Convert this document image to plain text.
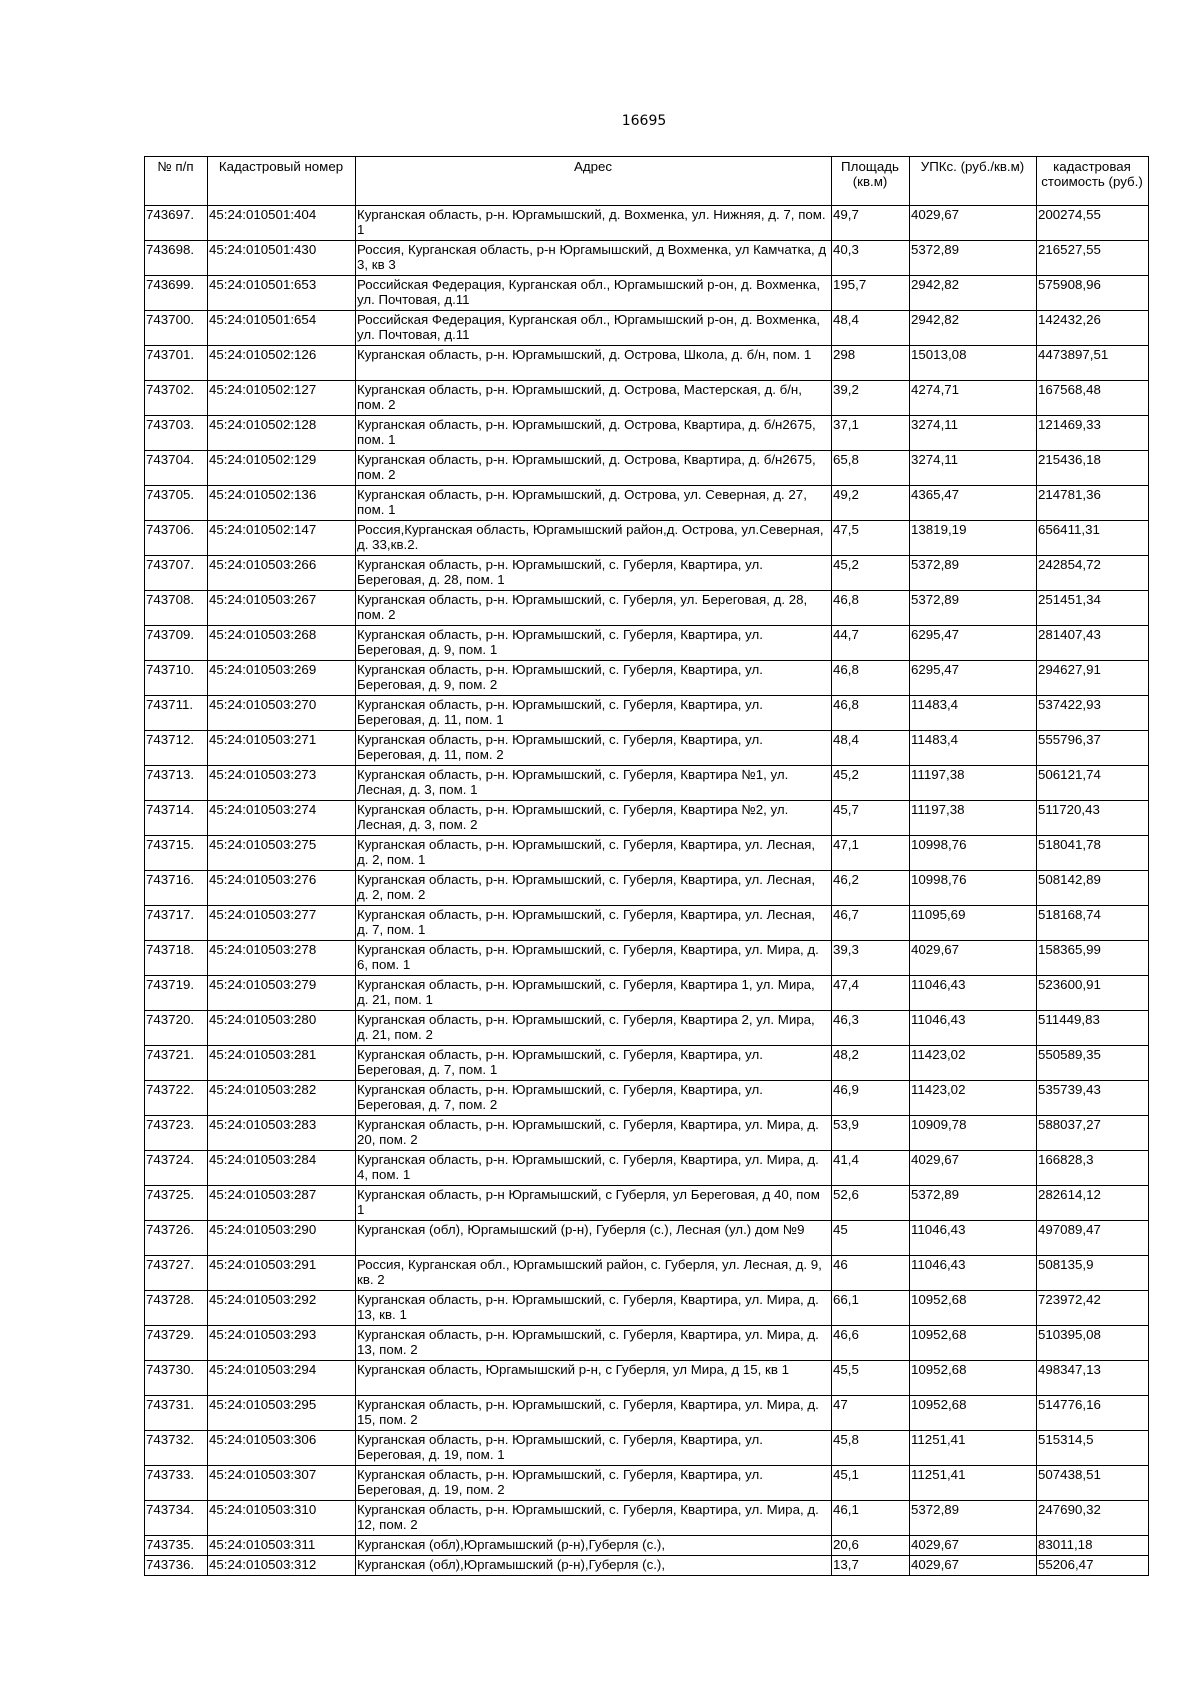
16695
№ п/п	Кадастровый номер	Адрес	Площадь (кв.м)	УПКс. (руб./кв.м)	кадастровая стоимость (руб.)
743697.	45:24:010501:404	Курганская область, р-н. Юргамышский, д. Вохменка, ул. Нижняя, д. 7, пом. 1	49,7	4029,67	200274,55
743698.	45:24:010501:430	Россия, Курганская область, р-н Юргамышский, д Вохменка, ул Камчатка, д 3, кв 3	40,3	5372,89	216527,55
743699.	45:24:010501:653	Российская Федерация, Курганская обл., Юргамышский р-он, д. Вохменка, ул. Почтовая, д.11	195,7	2942,82	575908,96
743700.	45:24:010501:654	Российская Федерация, Курганская обл., Юргамышский р-он, д. Вохменка, ул. Почтовая, д.11	48,4	2942,82	142432,26
743701.	45:24:010502:126	Курганская область, р-н. Юргамышский, д. Острова, Школа, д. б/н, пом. 1	298	15013,08	4473897,51
743702.	45:24:010502:127	Курганская область, р-н. Юргамышский, д. Острова, Мастерская, д. б/н, пом. 2	39,2	4274,71	167568,48
743703.	45:24:010502:128	Курганская область, р-н. Юргамышский, д. Острова, Квартира, д. б/н2675, пом. 1	37,1	3274,11	121469,33
743704.	45:24:010502:129	Курганская область, р-н. Юргамышский, д. Острова, Квартира, д. б/н2675, пом. 2	65,8	3274,11	215436,18
743705.	45:24:010502:136	Курганская область, р-н. Юргамышский, д. Острова, ул. Северная, д. 27, пом. 1	49,2	4365,47	214781,36
743706.	45:24:010502:147	Россия,Курганская область, Юргамышский район,д. Острова, ул.Северная, д. 33,кв.2.	47,5	13819,19	656411,31
743707.	45:24:010503:266	Курганская область, р-н. Юргамышский, с. Губерля, Квартира, ул. Береговая, д. 28, пом. 1	45,2	5372,89	242854,72
743708.	45:24:010503:267	Курганская область, р-н. Юргамышский, с. Губерля, ул. Береговая, д. 28, пом. 2	46,8	5372,89	251451,34
743709.	45:24:010503:268	Курганская область, р-н. Юргамышский, с. Губерля, Квартира, ул. Береговая, д. 9, пом. 1	44,7	6295,47	281407,43
743710.	45:24:010503:269	Курганская область, р-н. Юргамышский, с. Губерля, Квартира, ул. Береговая, д. 9, пом. 2	46,8	6295,47	294627,91
743711.	45:24:010503:270	Курганская область, р-н. Юргамышский, с. Губерля, Квартира, ул. Береговая, д. 11, пом. 1	46,8	11483,4	537422,93
743712.	45:24:010503:271	Курганская область, р-н. Юргамышский, с. Губерля, Квартира, ул. Береговая, д. 11, пом. 2	48,4	11483,4	555796,37
743713.	45:24:010503:273	Курганская область, р-н. Юргамышский, с. Губерля, Квартира №1, ул. Лесная, д. 3, пом. 1	45,2	11197,38	506121,74
743714.	45:24:010503:274	Курганская область, р-н. Юргамышский, с. Губерля, Квартира №2, ул. Лесная, д. 3, пом. 2	45,7	11197,38	511720,43
743715.	45:24:010503:275	Курганская область, р-н. Юргамышский, с. Губерля, Квартира, ул. Лесная, д. 2, пом. 1	47,1	10998,76	518041,78
743716.	45:24:010503:276	Курганская область, р-н. Юргамышский, с. Губерля, Квартира, ул. Лесная, д. 2, пом. 2	46,2	10998,76	508142,89
743717.	45:24:010503:277	Курганская область, р-н. Юргамышский, с. Губерля, Квартира, ул. Лесная, д. 7, пом. 1	46,7	11095,69	518168,74
743718.	45:24:010503:278	Курганская область, р-н. Юргамышский, с. Губерля, Квартира, ул. Мира, д. 6, пом. 1	39,3	4029,67	158365,99
743719.	45:24:010503:279	Курганская область, р-н. Юргамышский, с. Губерля, Квартира 1, ул. Мира, д. 21, пом. 1	47,4	11046,43	523600,91
743720.	45:24:010503:280	Курганская область, р-н. Юргамышский, с. Губерля, Квартира 2, ул. Мира, д. 21, пом. 2	46,3	11046,43	511449,83
743721.	45:24:010503:281	Курганская область, р-н. Юргамышский, с. Губерля, Квартира, ул. Береговая, д. 7, пом. 1	48,2	11423,02	550589,35
743722.	45:24:010503:282	Курганская область, р-н. Юргамышский, с. Губерля, Квартира, ул. Береговая, д. 7, пом. 2	46,9	11423,02	535739,43
743723.	45:24:010503:283	Курганская область, р-н. Юргамышский, с. Губерля, Квартира, ул. Мира, д. 20, пом. 2	53,9	10909,78	588037,27
743724.	45:24:010503:284	Курганская область, р-н. Юргамышский, с. Губерля, Квартира, ул. Мира, д. 4, пом. 1	41,4	4029,67	166828,3
743725.	45:24:010503:287	Курганская область, р-н Юргамышский, с Губерля, ул Береговая, д 40, пом 1	52,6	5372,89	282614,12
743726.	45:24:010503:290	Курганская (обл), Юргамышский (р-н), Губерля (с.), Лесная (ул.) дом №9	45	11046,43	497089,47
743727.	45:24:010503:291	Россия, Курганская обл., Юргамышский район, с. Губерля, ул. Лесная, д. 9, кв. 2	46	11046,43	508135,9
743728.	45:24:010503:292	Курганская область, р-н. Юргамышский, с. Губерля, Квартира, ул. Мира, д. 13, кв. 1	66,1	10952,68	723972,42
743729.	45:24:010503:293	Курганская область, р-н. Юргамышский, с. Губерля, Квартира, ул. Мира, д. 13, пом. 2	46,6	10952,68	510395,08
743730.	45:24:010503:294	Курганская область, Юргамышский р-н, с Губерля, ул Мира, д 15, кв 1	45,5	10952,68	498347,13
743731.	45:24:010503:295	Курганская область, р-н. Юргамышский, с. Губерля, Квартира, ул. Мира, д. 15, пом. 2	47	10952,68	514776,16
743732.	45:24:010503:306	Курганская область, р-н. Юргамышский, с. Губерля, Квартира, ул. Береговая, д. 19, пом. 1	45,8	11251,41	515314,5
743733.	45:24:010503:307	Курганская область, р-н. Юргамышский, с. Губерля, Квартира, ул. Береговая, д. 19, пом. 2	45,1	11251,41	507438,51
743734.	45:24:010503:310	Курганская область, р-н. Юргамышский, с. Губерля, Квартира, ул. Мира, д. 12, пом. 2	46,1	5372,89	247690,32
743735.	45:24:010503:311	Курганская (обл),Юргамышский (р-н),Губерля (с.),	20,6	4029,67	83011,18
743736.	45:24:010503:312	Курганская (обл),Юргамышский (р-н),Губерля (с.),	13,7	4029,67	55206,47
